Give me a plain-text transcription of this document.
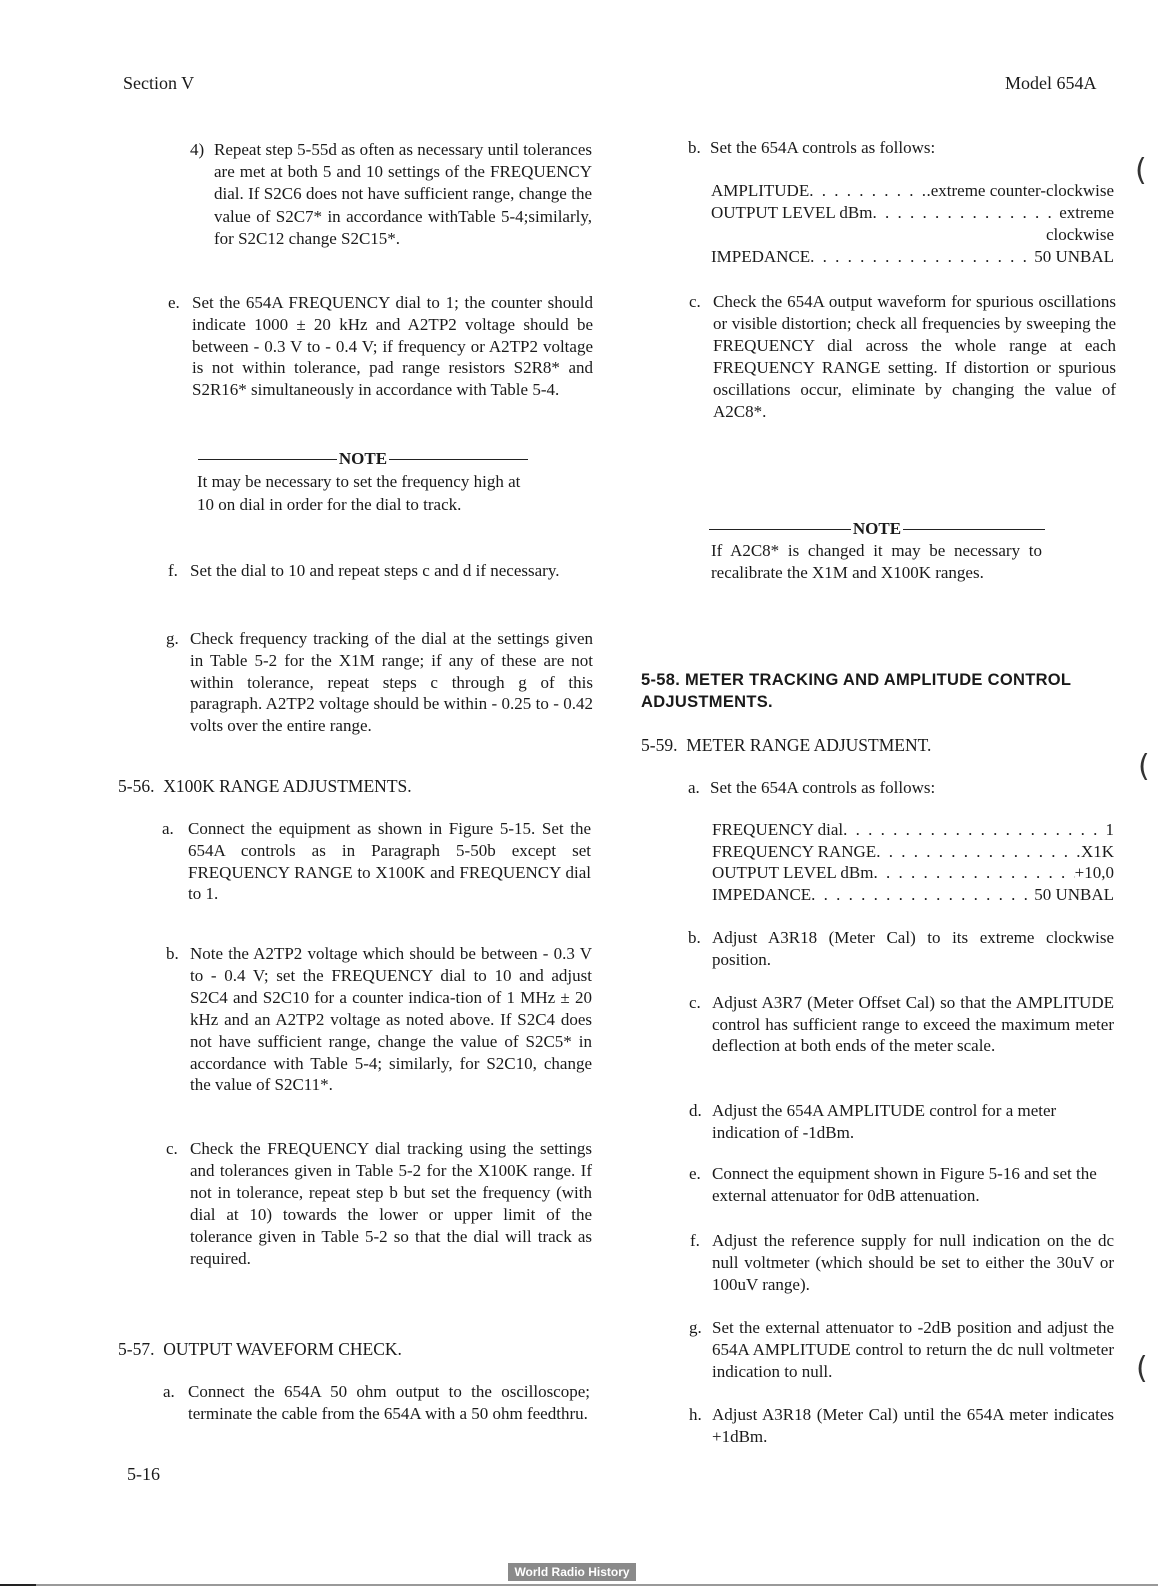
Section V	Model 654A
4) Repeat step 5-55d as often as necessary until tolerances are met at both 5 and 10 settings of the FREQUENCY dial. If S2C6 does not have sufficient range, change the value of S2C7* in accordance withTable 5-4;similarly, for S2C12 change S2C15*.
e. Set the 654A FREQUENCY dial to 1; the counter should indicate 1000 ± 20 kHz and A2TP2 voltage should be between - 0.3 V to - 0.4 V; if frequency or A2TP2 voltage is not within tolerance, pad range resistors S2R8* and S2R16* simultaneously in accordance with Table 5-4.
NOTE
It may be necessary to set the frequency high at 10 on dial in order for the dial to track.
f. Set the dial to 10 and repeat steps c and d if necessary.
g. Check frequency tracking of the dial at the settings given in Table 5-2 for the X1M range; if any of these are not within tolerance, repeat steps c through g of this paragraph. A2TP2 voltage should be within - 0.25 to - 0.42 volts over the entire range.
5-56.  X100K RANGE ADJUSTMENTS.
a. Connect the equipment as shown in Figure 5-15. Set the 654A controls as in Paragraph 5-50b except set FREQUENCY RANGE to X100K and FREQUENCY dial to 1.
b. Note the A2TP2 voltage which should be between - 0.3 V to - 0.4 V; set the FREQUENCY dial to 10 and adjust S2C4 and S2C10 for a counter indica-tion of 1 MHz ± 20 kHz and an A2TP2 voltage as noted above. If S2C4 does not have sufficient range, change the value of S2C5* in accordance with Table 5-4; similarly, for S2C10, change the value of S2C11*.
c. Check the FREQUENCY dial tracking using the settings and tolerances given in Table 5-2 for the X100K range. If not in tolerance, repeat step b but set the frequency (with dial at 10) towards the lower or upper limit of the tolerance given in Table 5-2 so that the dial will track as required.
5-57.  OUTPUT WAVEFORM CHECK.
a. Connect the 654A 50 ohm output to the oscilloscope; terminate the cable from the 654A with a 50 ohm feedthru.
5-16
b. Set the 654A controls as follows:
AMPLITUDE . . .	.extreme counter-clockwise
OUTPUT LEVEL dBm . . .	extreme
clockwise
IMPEDANCE . . .	50 UNBAL
c. Check the 654A output waveform for spurious oscillations or visible distortion; check all frequencies by sweeping the FREQUENCY dial across the whole range at each FREQUENCY RANGE setting. If distortion or spurious oscillations occur, eliminate by changing the value of A2C8*.
NOTE
If A2C8* is changed it may be necessary to recalibrate the X1M and X100K ranges.
5-58. METER TRACKING AND AMPLITUDE CONTROL ADJUSTMENTS.
5-59.  METER RANGE ADJUSTMENT.
a. Set the 654A controls as follows:
FREQUENCY dial . . .	1
FREQUENCY RANGE . . .	X1K
OUTPUT LEVEL dBm . . .	+10,0
IMPEDANCE . . .	50 UNBAL
b. Adjust A3R18 (Meter Cal) to its extreme clockwise position.
c. Adjust A3R7 (Meter Offset Cal) so that the AMPLITUDE control has sufficient range to exceed the maximum meter deflection at both ends of the meter scale.
d. Adjust the 654A AMPLITUDE control for a meter indication of -1dBm.
e. Connect the equipment shown in Figure 5-16 and set the external attenuator for 0dB attenuation.
f. Adjust the reference supply for null indication on the dc null voltmeter (which should be set to either the 30uV or 100uV range).
g. Set the external attenuator to -2dB position and adjust the 654A AMPLITUDE control to return the dc null voltmeter indication to null.
h. Adjust A3R18 (Meter Cal) until the 654A meter indicates +1dBm.
(
(
(
World Radio History
